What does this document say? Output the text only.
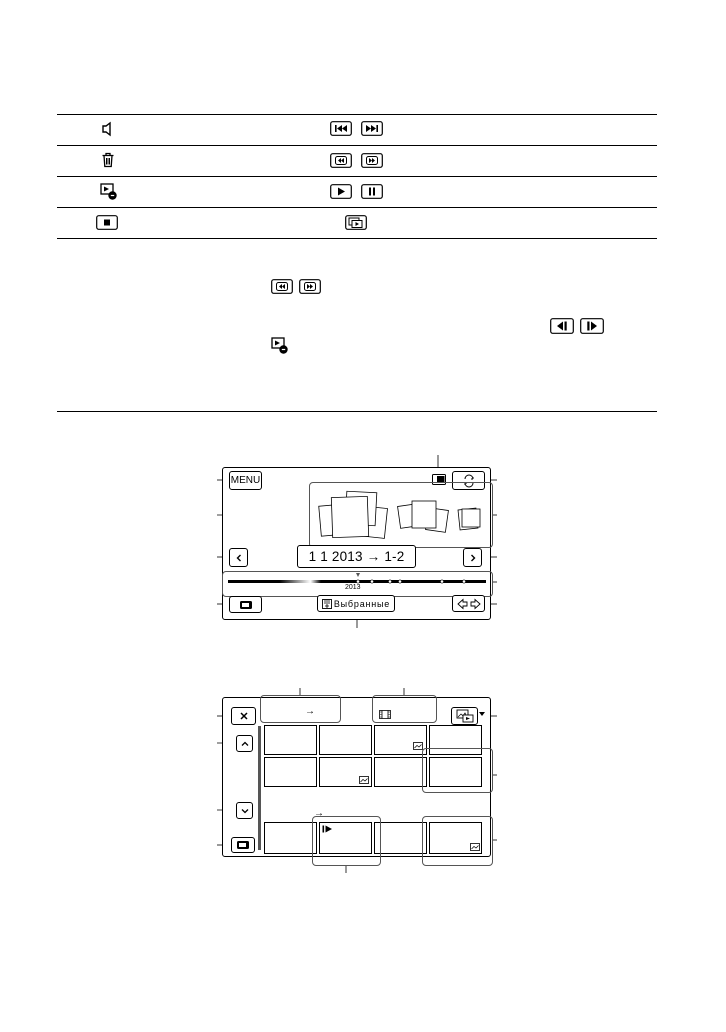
MENU
1 1 2013 → 1-2
2013
Выбранные
→
→
